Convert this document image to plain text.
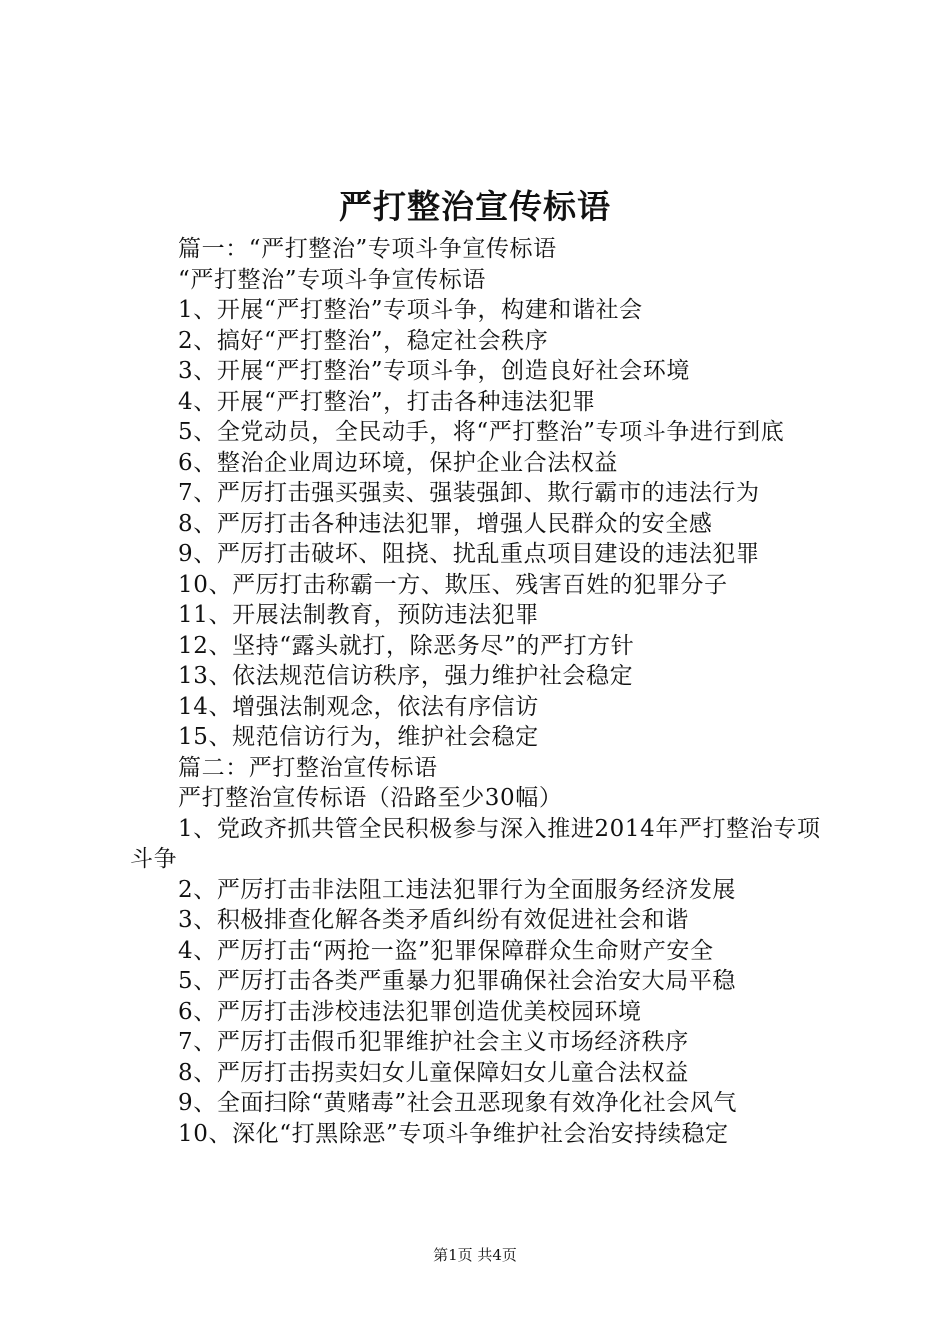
严打整治宣传标语

篇一：“严打整治”专项斗争宣传标语

“严打整治”专项斗争宣传标语

1、开展“严打整治”专项斗争，构建和谐社会

2、搞好“严打整治”，稳定社会秩序

3、开展“严打整治”专项斗争，创造良好社会环境

4、开展“严打整治”，打击各种违法犯罪

5、全党动员，全民动手，将“严打整治”专项斗争进行到底

6、整治企业周边环境，保护企业合法权益

7、严厉打击强买强卖、强装强卸、欺行霸市的违法行为

8、严厉打击各种违法犯罪，增强人民群众的安全感

9、严厉打击破坏、阻挠、扰乱重点项目建设的违法犯罪

10、严厉打击称霸一方、欺压、残害百姓的犯罪分子

11、开展法制教育，预防违法犯罪

12、坚持“露头就打，除恶务尽”的严打方针

13、依法规范信访秩序，强力维护社会稳定

14、增强法制观念，依法有序信访

15、规范信访行为，维护社会稳定

篇二：严打整治宣传标语

严打整治宣传标语（沿路至少30幅）

1、党政齐抓共管全民积极参与深入推进2014年严打整治专项斗争

2、严厉打击非法阻工违法犯罪行为全面服务经济发展

3、积极排查化解各类矛盾纠纷有效促进社会和谐

4、严厉打击“两抢一盗”犯罪保障群众生命财产安全

5、严厉打击各类严重暴力犯罪确保社会治安大局平稳

6、严厉打击涉校违法犯罪创造优美校园环境

7、严厉打击假币犯罪维护社会主义市场经济秩序

8、严厉打击拐卖妇女儿童保障妇女儿童合法权益

9、全面扫除“黄赌毒”社会丑恶现象有效净化社会风气

10、深化“打黑除恶”专项斗争维护社会治安持续稳定

第1页 共4页
